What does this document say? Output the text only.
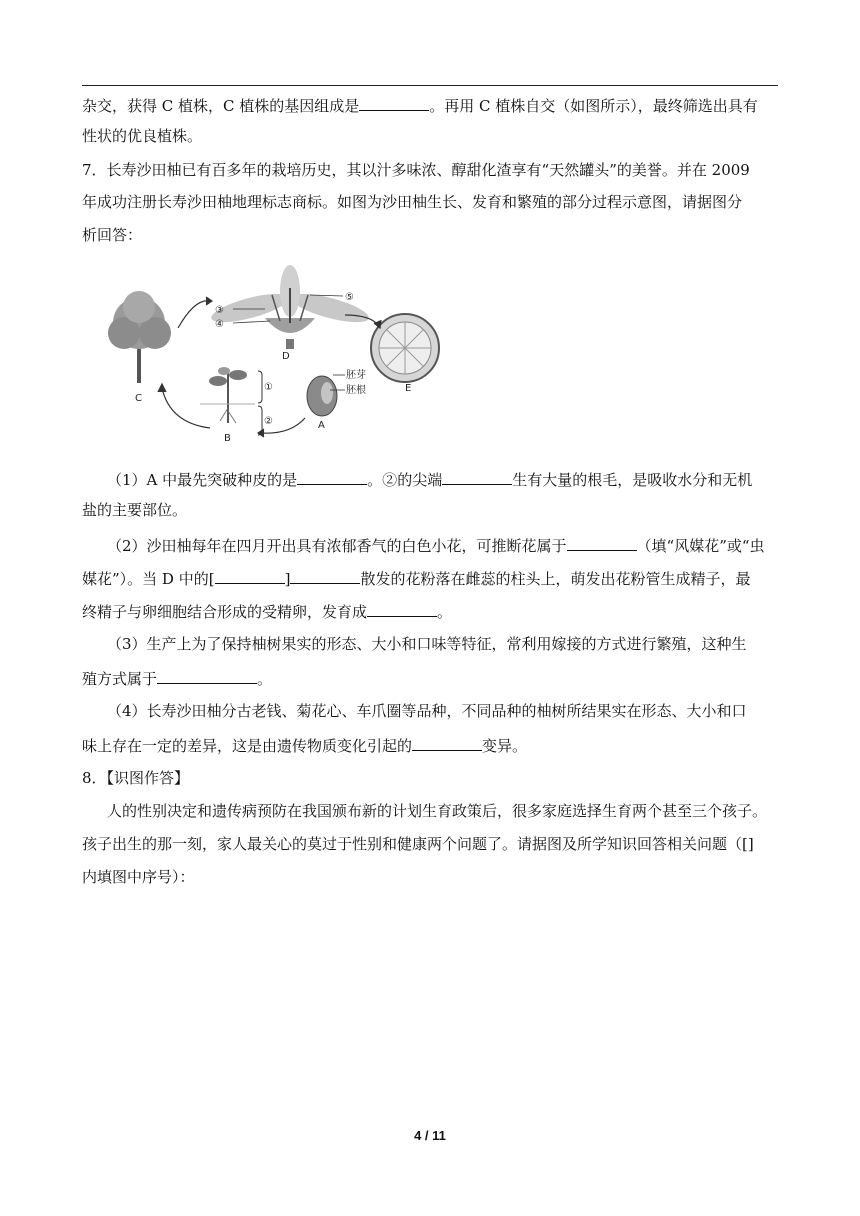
杂交，获得 C 植株，C 植株的基因组成是	。再用 C 植株自交（如图所示），最终筛选出具有
性状的优良植株。
7．长寿沙田柚已有百多年的栽培历史，其以汁多味浓、醇甜化渣享有“天然罐头”的美誉。并在 2009
年成功注册长寿沙田柚地理标志商标。如图为沙田柚生长、发育和繁殖的部分过程示意图，请据图分
析回答：
C
③
④
⑤
D
E
胚芽
胚根
A
①
②
B
（1）A 中最先突破种皮的是	。②的尖端	生有大量的根毛，是吸收水分和无机
盐的主要部位。
（2）沙田柚每年在四月开出具有浓郁香气的白色小花，可推断花属于	（填“风媒花”或“虫
媒花”）。当 D 中的[	]	散发的花粉落在雌蕊的柱头上，萌发出花粉管生成精子，最
终精子与卵细胞结合形成的受精卵，发育成	。
（3）生产上为了保持柚树果实的形态、大小和口味等特征，常利用嫁接的方式进行繁殖，这种生
殖方式属于	。
（4）长寿沙田柚分古老钱、菊花心、车爪圈等品种，不同品种的柚树所结果实在形态、大小和口
味上存在一定的差异，这是由遗传物质变化引起的	变异。
8．【识图作答】
人的性别决定和遗传病预防在我国颁布新的计划生育政策后，很多家庭选择生育两个甚至三个孩子。
孩子出生的那一刻，家人最关心的莫过于性别和健康两个问题了。请据图及所学知识回答相关问题（[]
内填图中序号）：
4 / 11
